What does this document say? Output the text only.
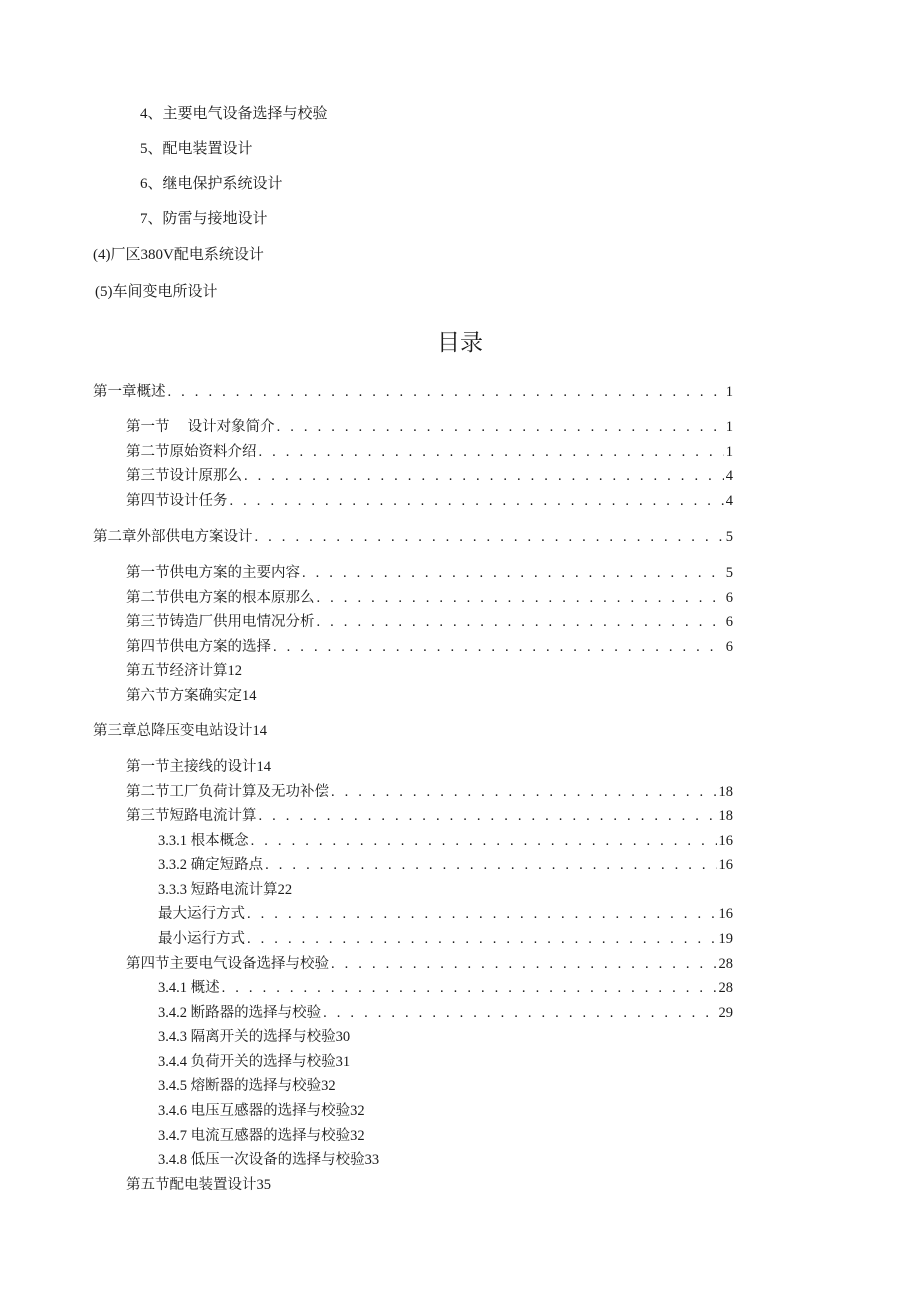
4、主要电气设备选择与校验
5、配电装置设计
6、继电保护系统设计
7、防雷与接地设计
(4)厂区380V配电系统设计
(5)车间变电所设计
目录
第一章概述 . . .	1
第一节　 设计对象简介 . . .	1
第二节原始资料介绍 . . .	1
第三节设计原那么 . . .	4
第四节设计任务 . . .	4
第二章外部供电方案设计 . . .	5
第一节供电方案的主要内容 . . .	5
第二节供电方案的根本原那么 . . .	6
第三节铸造厂供用电情况分析 . . .	6
第四节供电方案的选择 . . .	6
第五节经济计算12
第六节方案确实定14
第三章总降压变电站设计14
第一节主接线的设计14
第二节工厂负荷计算及无功补偿 . . .	18
第三节短路电流计算 . . .	18
3.3.1 根本概念 . . .	16
3.3.2 确定短路点 . . .	16
3.3.3 短路电流计算22
最大运行方式 . . .	16
最小运行方式 . . .	19
第四节主要电气设备选择与校验 . . .	28
3.4.1 概述 . . .	28
3.4.2 断路器的选择与校验 . . .	29
3.4.3 隔离开关的选择与校验30
3.4.4 负荷开关的选择与校验31
3.4.5 熔断器的选择与校验32
3.4.6 电压互感器的选择与校验32
3.4.7 电流互感器的选择与校验32
3.4.8 低压一次设备的选择与校验33
第五节配电装置设计35
